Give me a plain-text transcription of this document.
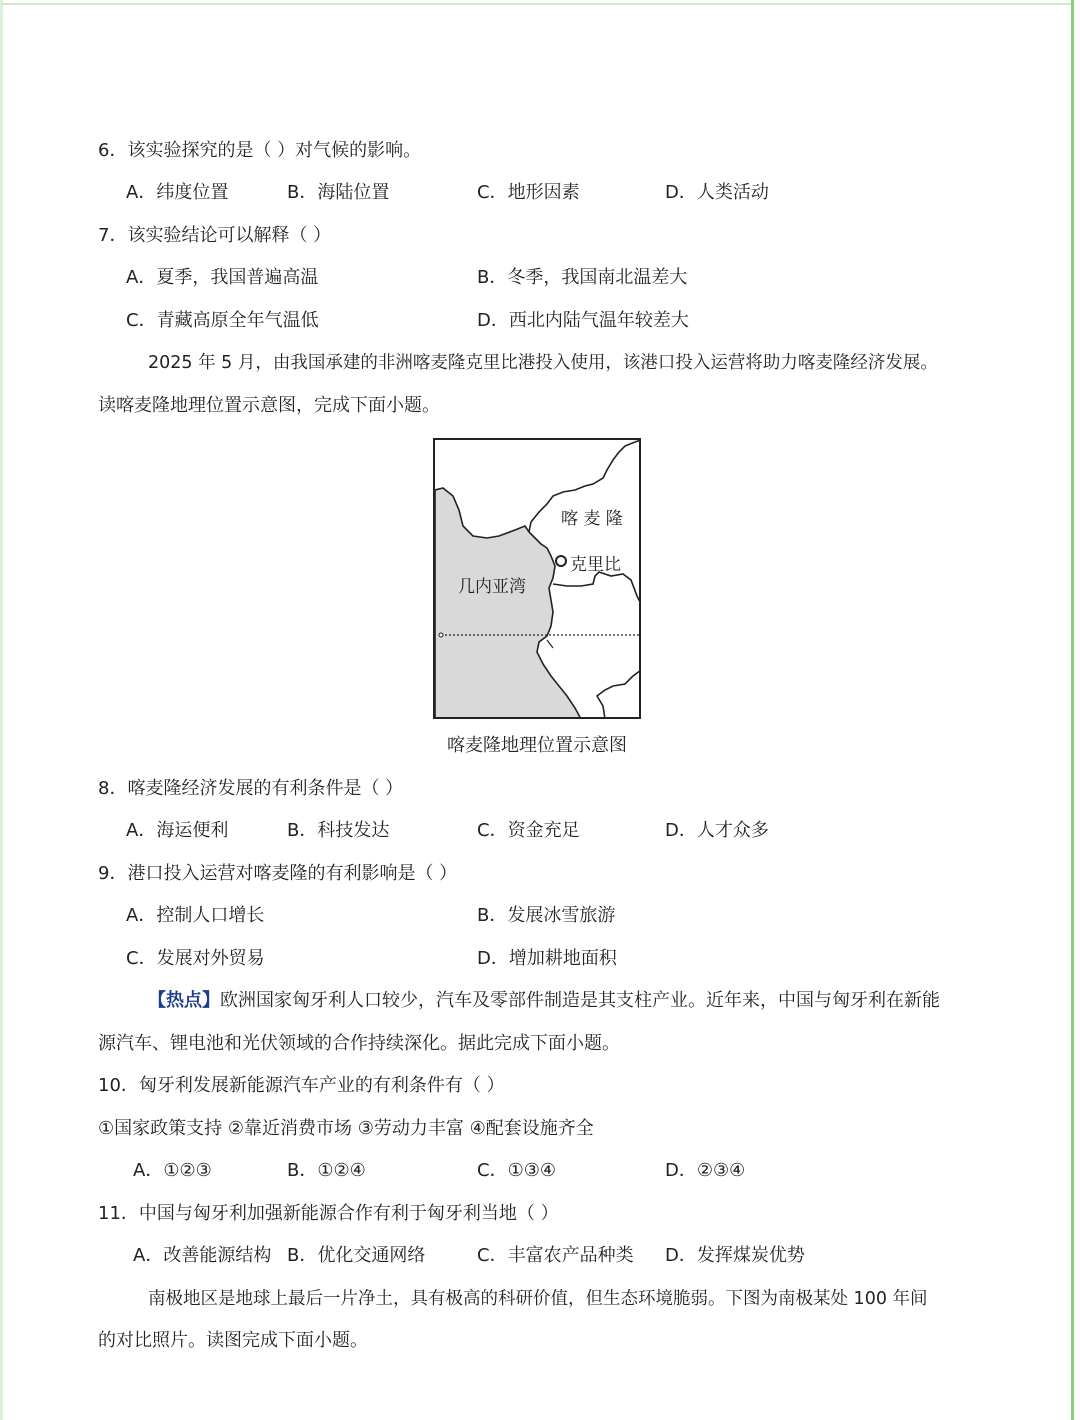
6．该实验探究的是（ ）对气候的影响。
A．纬度位置	B．海陆位置	C．地形因素	D．人类活动
7．该实验结论可以解释（ ）
A．夏季，我国普遍高温	B．冬季，我国南北温差大
C．青藏高原全年气温低	D．西北内陆气温年较差大
2025 年 5 月，由我国承建的非洲喀麦隆克里比港投入使用，该港口投入运营将助力喀麦隆经济发展。
读喀麦隆地理位置示意图，完成下面小题。
喀 麦 隆
克里比
几内亚湾
喀麦隆地理位置示意图
8．喀麦隆经济发展的有利条件是（ ）
A．海运便利	B．科技发达	C．资金充足	D．人才众多
9．港口投入运营对喀麦隆的有利影响是（ ）
A．控制人口增长	B．发展冰雪旅游
C．发展对外贸易	D．增加耕地面积
【热点】欧洲国家匈牙利人口较少，汽车及零部件制造是其支柱产业。近年来，中国与匈牙利在新能
源汽车、锂电池和光伏领域的合作持续深化。据此完成下面小题。
10．匈牙利发展新能源汽车产业的有利条件有（ ）
①国家政策支持 ②靠近消费市场 ③劳动力丰富 ④配套设施齐全
A．①②③	B．①②④	C．①③④	D．②③④
11．中国与匈牙利加强新能源合作有利于匈牙利当地（ ）
A．改善能源结构 B．优化交通网络	C．丰富农产品种类 D．发挥煤炭优势
南极地区是地球上最后一片净土，具有极高的科研价值，但生态环境脆弱。下图为南极某处 100 年间
的对比照片。读图完成下面小题。
